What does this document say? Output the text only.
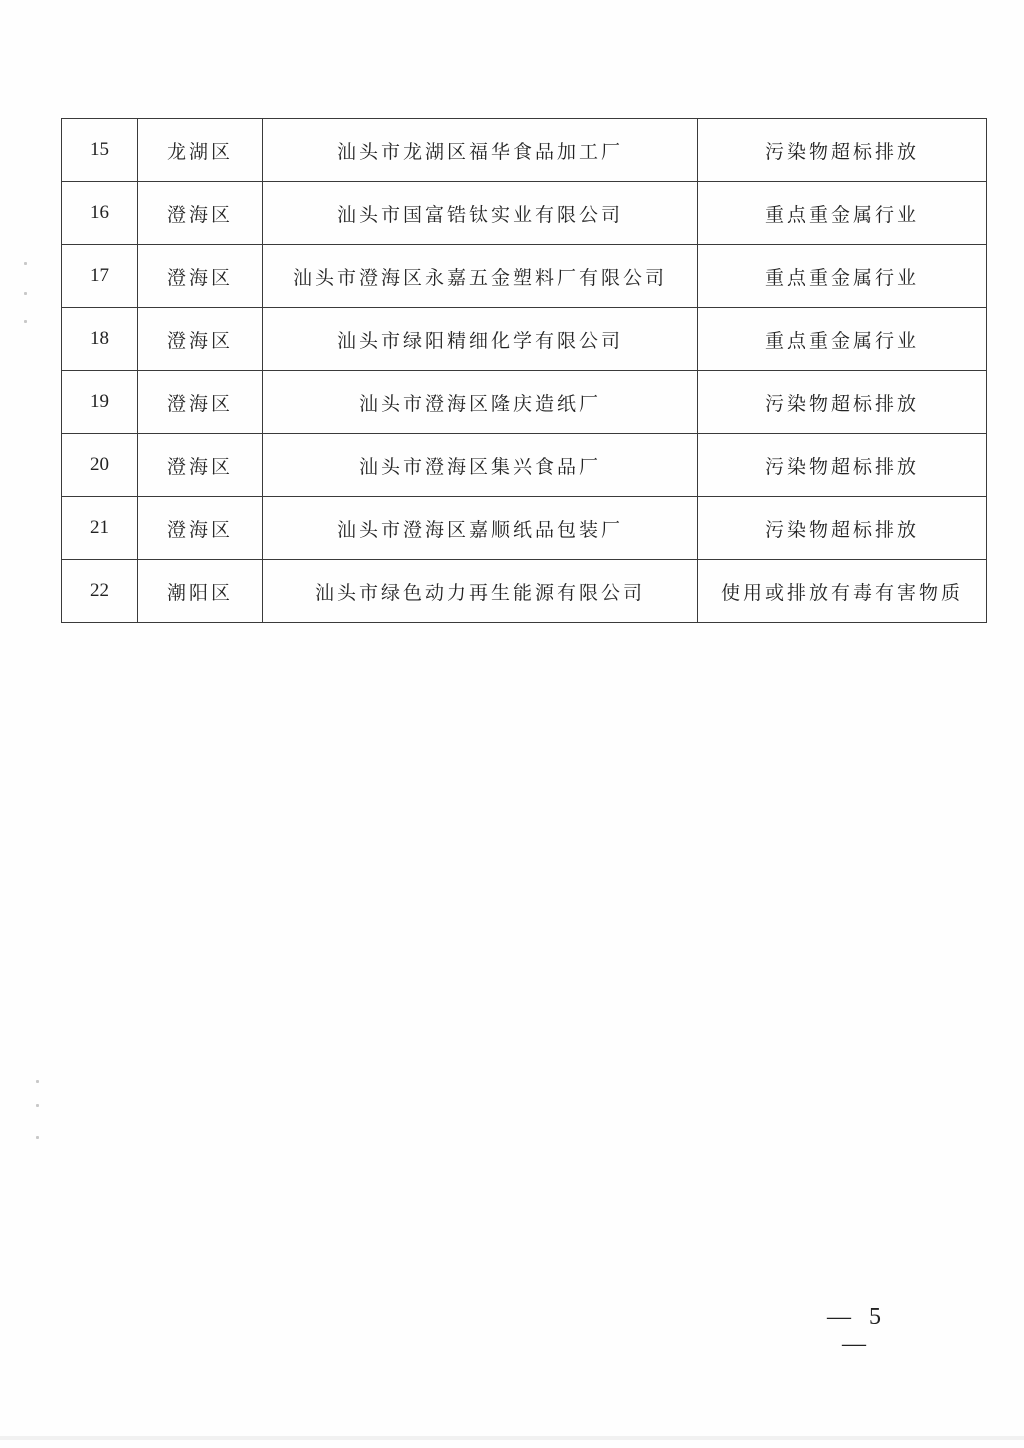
15	龙湖区	汕头市龙湖区福华食品加工厂	污染物超标排放
16	澄海区	汕头市国富锆钛实业有限公司	重点重金属行业
17	澄海区	汕头市澄海区永嘉五金塑料厂有限公司	重点重金属行业
18	澄海区	汕头市绿阳精细化学有限公司	重点重金属行业
19	澄海区	汕头市澄海区隆庆造纸厂	污染物超标排放
20	澄海区	汕头市澄海区集兴食品厂	污染物超标排放
21	澄海区	汕头市澄海区嘉顺纸品包装厂	污染物超标排放
22	潮阳区	汕头市绿色动力再生能源有限公司	使用或排放有毒有害物质
— 5 —
